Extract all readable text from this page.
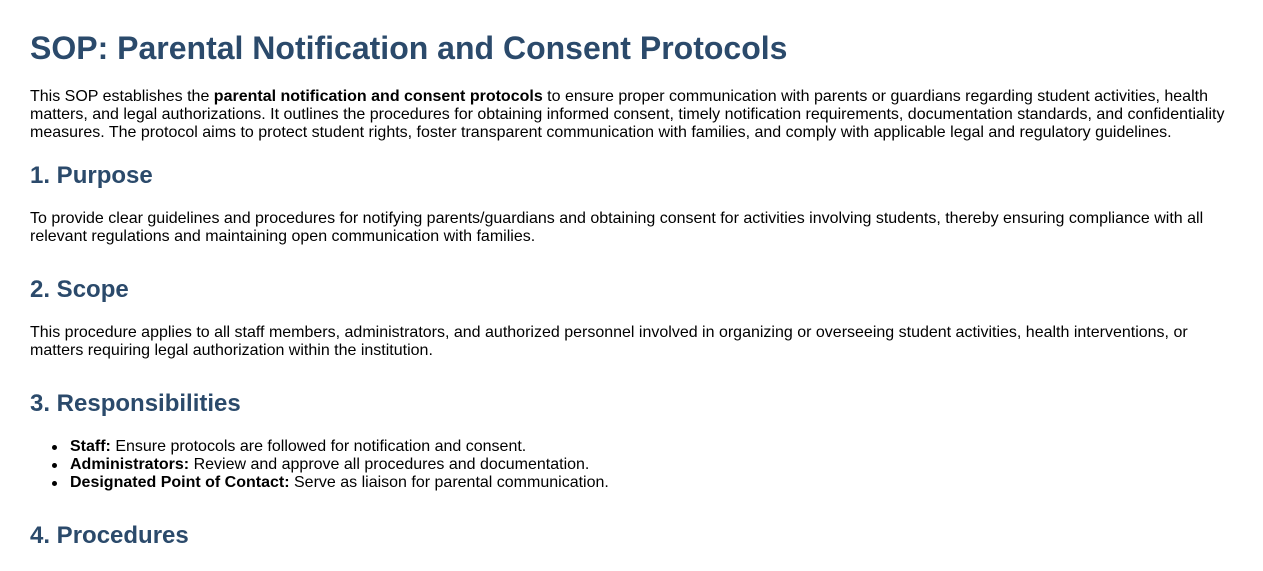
SOP: Parental Notification and Consent Protocols

This SOP establishes the parental notification and consent protocols to ensure proper communication with parents or guardians regarding student activities, health matters, and legal authorizations. It outlines the procedures for obtaining informed consent, timely notification requirements, documentation standards, and confidentiality measures. The protocol aims to protect student rights, foster transparent communication with families, and comply with applicable legal and regulatory guidelines.

1. Purpose

To provide clear guidelines and procedures for notifying parents/guardians and obtaining consent for activities involving students, thereby ensuring compliance with all relevant regulations and maintaining open communication with families.

2. Scope

This procedure applies to all staff members, administrators, and authorized personnel involved in organizing or overseeing student activities, health interventions, or matters requiring legal authorization within the institution.

3. Responsibilities
Staff: Ensure protocols are followed for notification and consent.
Administrators: Review and approve all procedures and documentation.
Designated Point of Contact: Serve as liaison for parental communication.
4. Procedures
